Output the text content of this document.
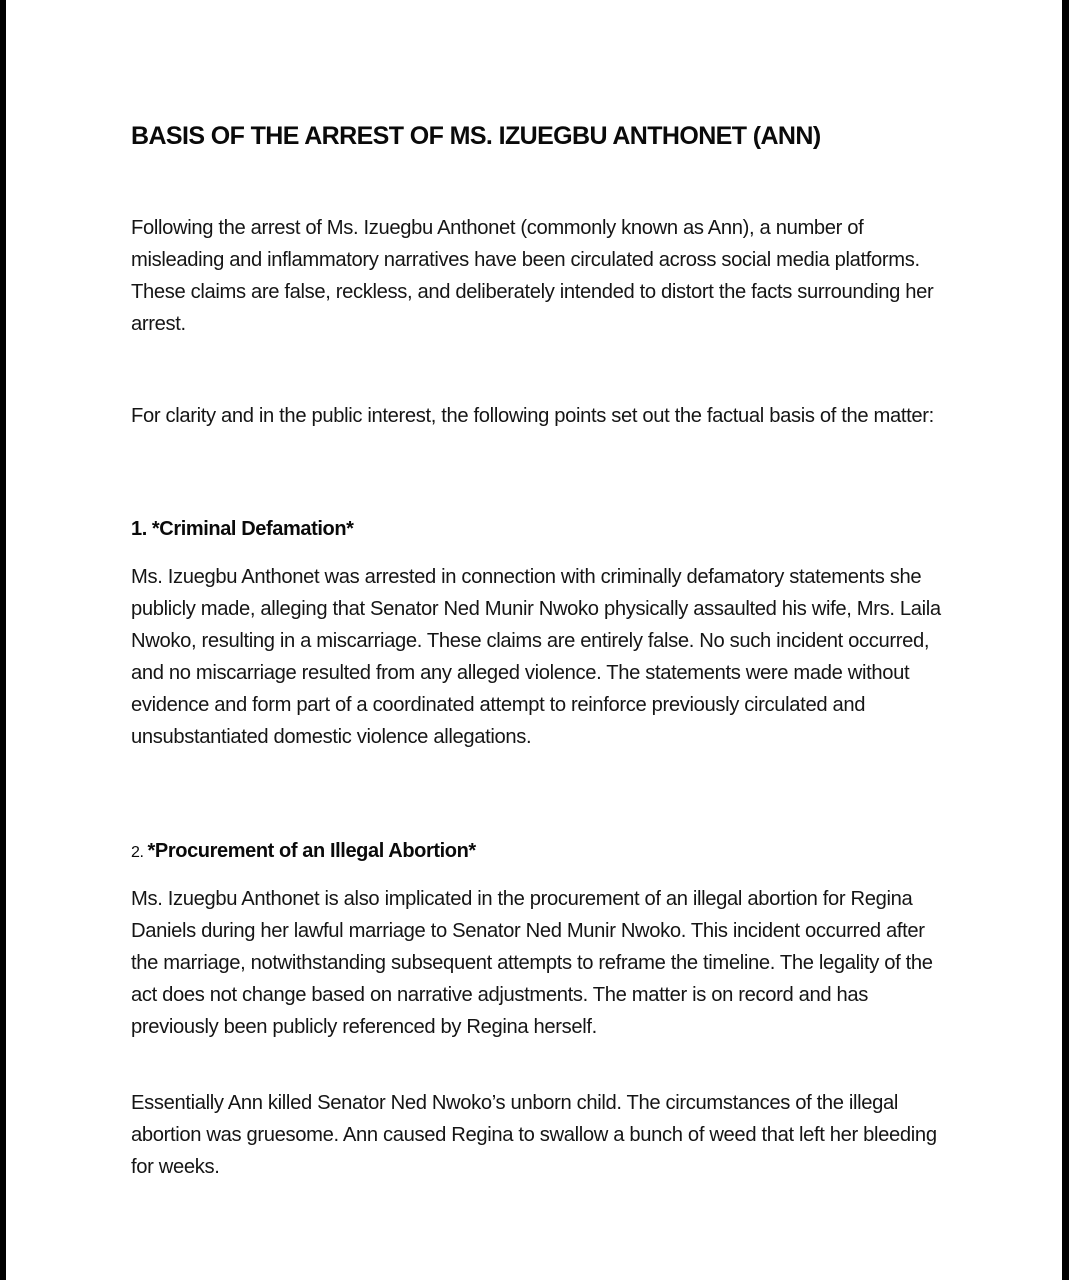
BASIS OF THE ARREST OF MS. IZUEGBU ANTHONET (ANN)

Following the arrest of Ms. Izuegbu Anthonet (commonly known as Ann), a number of misleading and inflammatory narratives have been circulated across social media platforms. These claims are false, reckless, and deliberately intended to distort the facts surrounding her arrest.

For clarity and in the public interest, the following points set out the factual basis of the matter:

1. *Criminal Defamation*

Ms. Izuegbu Anthonet was arrested in connection with criminally defamatory statements she publicly made, alleging that Senator Ned Munir Nwoko physically assaulted his wife, Mrs. Laila Nwoko, resulting in a miscarriage. These claims are entirely false. No such incident occurred, and no miscarriage resulted from any alleged violence. The statements were made without evidence and form part of a coordinated attempt to reinforce previously circulated and unsubstantiated domestic violence allegations.

2. *Procurement of an Illegal Abortion*

Ms. Izuegbu Anthonet is also implicated in the procurement of an illegal abortion for Regina Daniels during her lawful marriage to Senator Ned Munir Nwoko. This incident occurred after the marriage, notwithstanding subsequent attempts to reframe the timeline. The legality of the act does not change based on narrative adjustments. The matter is on record and has previously been publicly referenced by Regina herself.

Essentially Ann killed Senator Ned Nwoko’s unborn child. The circumstances of the illegal abortion was gruesome. Ann caused Regina to swallow a bunch of weed that left her bleeding for weeks.
